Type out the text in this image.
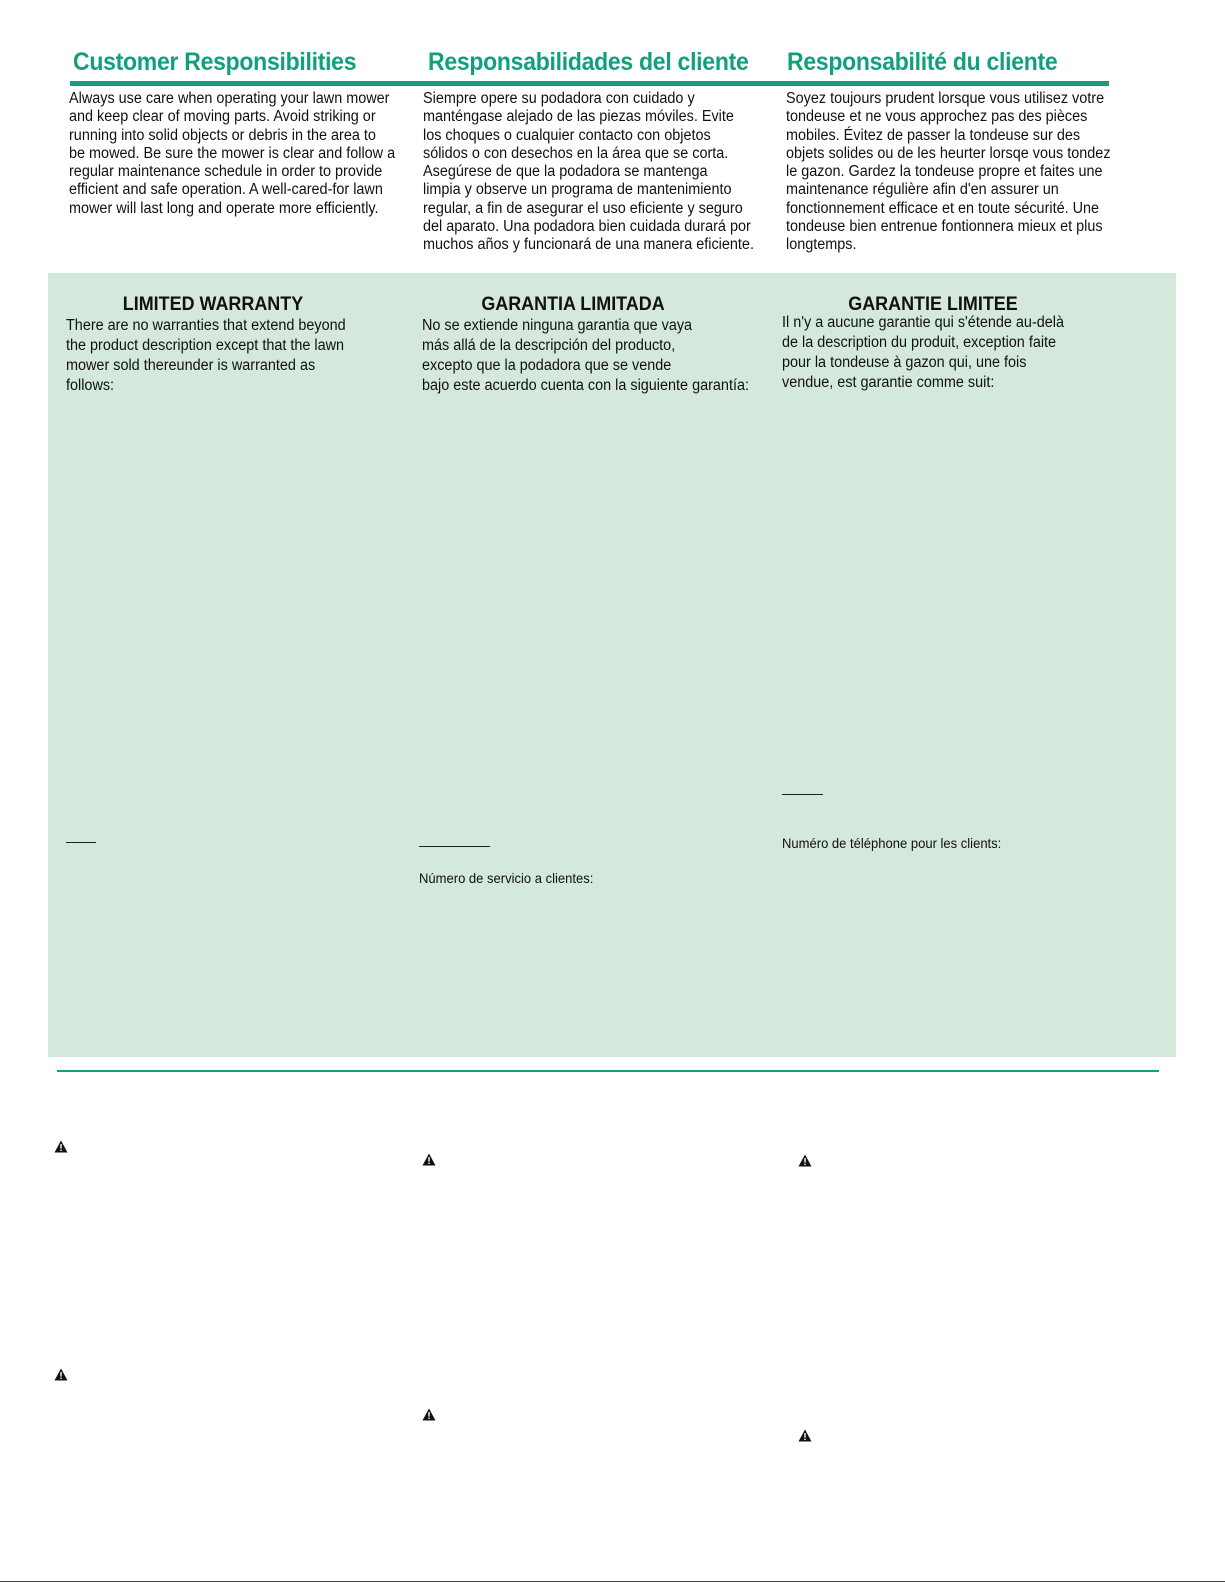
Customer Responsibilities	Responsabilidades del cliente Responsabilité du cliente
Always use care when operating your lawn mower
and keep clear of moving parts. Avoid striking or
running into solid objects or debris in the area to
be mowed. Be sure the mower is clear and follow a
regular maintenance schedule in order to provide
efficient and safe operation. A well-cared-for lawn
mower will last long and operate more efficiently.
Siempre opere su podadora con cuidado y
manténgase alejado de las piezas móviles. Evite
los choques o cualquier contacto con objetos
sólidos o con desechos en la área que se corta.
Asegúrese de que la podadora se mantenga
limpia y observe un programa de mantenimiento
regular, a fin de asegurar el uso eficiente y seguro
del aparato. Una podadora bien cuidada durará por
muchos años y funcionará de una manera eficiente.
Soyez toujours prudent lorsque vous utilisez votre
tondeuse et ne vous approchez pas des pièces
mobiles. Évitez de passer la tondeuse sur des
objets solides ou de les heurter lorsqe vous tondez
le gazon. Gardez la tondeuse propre et faites une
maintenance régulière afin d'en assurer un
fonctionnement efficace et en toute sécurité. Une
tondeuse bien entrenue fontionnera mieux et plus
longtemps.
LIMITED WARRANTY	GARANTIA LIMITADA	GARANTIE LIMITEE
There are no warranties that extend beyond
the product description except that the lawn
mower sold thereunder is warranted as
follows:
No se extiende ninguna garantia que vaya
más allá de la descripción del producto,
excepto que la podadora que se vende
bajo este acuerdo cuenta con la siguiente garantía:
Il n'y a aucune garantie qui s'étende au-delà
de la description du produit, exception faite
pour la tondeuse à gazon qui, une fois
vendue, est garantie comme suit:
Numéro de téléphone pour les clients:
Número de servicio a clientes:
